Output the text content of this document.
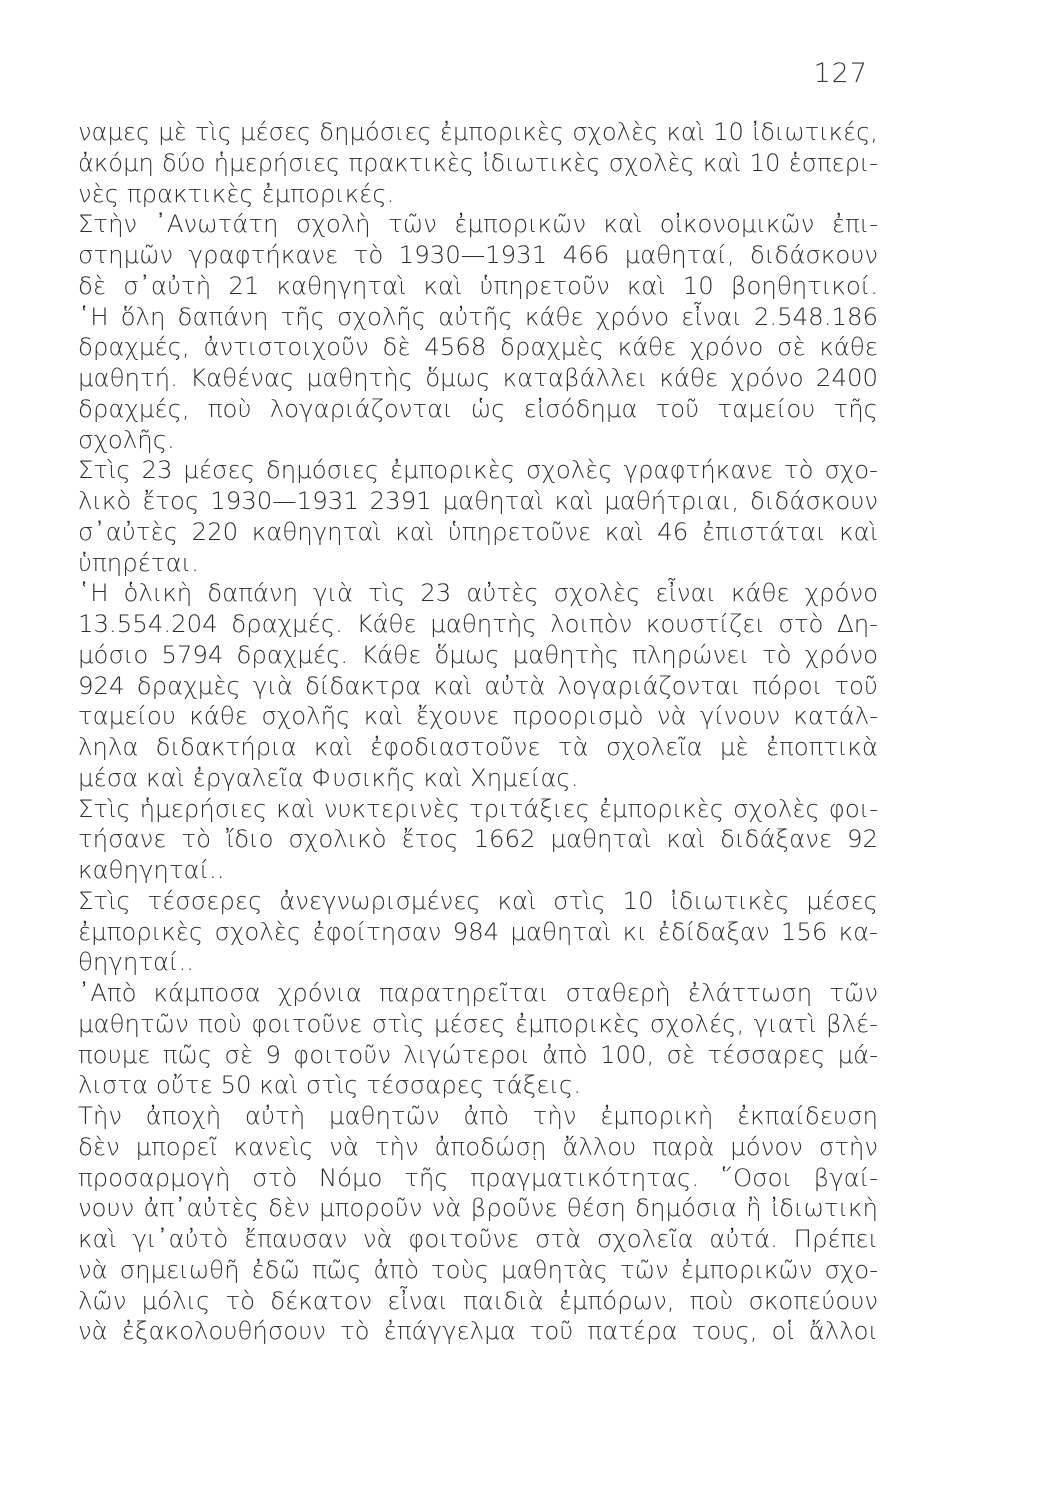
127
ναμες μὲ τὶς μέσες δημόσιες ἐμπορικὲς σχολὲς καὶ 10 ἰδιωτικές,
ἀκόμη δύο ἡμερήσιες πρακτικὲς ἰδιωτικὲς σχολὲς καὶ 10 ἑσπερι-
νὲς πρακτικὲς ἐμπορικές.
Στὴν ᾽Ανωτάτη σχολὴ τῶν ἐμπορικῶν καὶ οἰκονομικῶν ἐπι-
στημῶν γραφτήκανε τὸ 1930—1931 466 μαθηταί, διδάσκουν
δὲ σ᾽αὐτὴ 21 καθηγηταὶ καὶ ὑπηρετοῦν καὶ 10 βοηθητικοί.
῾Η ὅλη δαπάνη τῆς σχολῆς αὐτῆς κάθε χρόνο εἶναι 2.548.186
δραχμές, ἀντιστοιχοῦν δὲ 4568 δραχμὲς κάθε χρόνο σὲ κάθε
μαθητή. Καθένας μαθητὴς ὅμως καταβάλλει κάθε χρόνο 2400
δραχμές, ποὺ λογαριάζονται ὡς εἰσόδημα τοῦ ταμείου τῆς
σχολῆς.
Στὶς 23 μέσες δημόσιες ἐμπορικὲς σχολὲς γραφτήκανε τὸ σχο-
λικὸ ἔτος 1930—1931 2391 μαθηταὶ καὶ μαθήτριαι, διδάσκουν
σ᾽αὐτὲς 220 καθηγηταὶ καὶ ὑπηρετοῦνε καὶ 46 ἐπιστάται καὶ
ὑπηρέται.
῾Η ὁλικὴ δαπάνη γιὰ τὶς 23 αὐτὲς σχολὲς εἶναι κάθε χρόνο
13.554.204 δραχμές. Κάθε μαθητὴς λοιπὸν κουστίζει στὸ Δη-
μόσιο 5794 δραχμές. Κάθε ὅμως μαθητὴς πληρώνει τὸ χρόνο
924 δραχμὲς γιὰ δίδακτρα καὶ αὐτὰ λογαριάζονται πόροι τοῦ
ταμείου κάθε σχολῆς καὶ ἔχουνε προορισμὸ νὰ γίνουν κατάλ-
ληλα διδακτήρια καὶ ἐφοδιαστοῦνε τὰ σχολεῖα μὲ ἐποπτικὰ
μέσα καὶ ἐργαλεῖα Φυσικῆς καὶ Χημείας.
Στὶς ἡμερήσιες καὶ νυκτερινὲς τριτάξιες ἐμπορικὲς σχολὲς φοι-
τήσανε τὸ ἴδιο σχολικὸ ἔτος 1662 μαθηταὶ καὶ διδάξανε 92
καθηγηταί..
Στὶς τέσσερες ἀνεγνωρισμένες καὶ στὶς 10 ἰδιωτικὲς μέσες
ἐμπορικὲς σχολὲς ἐφοίτησαν 984 μαθηταὶ κι ἐδίδαξαν 156 κα-
θηγηταί..
᾽Απὸ κάμποσα χρόνια παρατηρεῖται σταθερὴ ἐλάττωση τῶν
μαθητῶν ποὺ φοιτοῦνε στὶς μέσες ἐμπορικὲς σχολές, γιατὶ βλέ-
πουμε πῶς σὲ 9 φοιτοῦν λιγώτεροι ἀπὸ 100, σὲ τέσσαρες μά-
λιστα οὔτε 50 καὶ στὶς τέσσαρες τάξεις.
Τὴν ἀποχὴ αὐτὴ μαθητῶν ἀπὸ τὴν ἐμπορικὴ ἐκπαίδευση
δὲν μπορεῖ κανεὶς νὰ τὴν ἀποδώσῃ ἄλλου παρὰ μόνον στὴν
προσαρμογὴ στὸ Νόμο τῆς πραγματικότητας. ῞Οσοι βγαί-
νουν ἀπ᾽αὐτὲς δὲν μποροῦν νὰ βροῦνε θέση δημόσια ἢ ἰδιωτικὴ
καὶ γι᾽αὐτὸ ἔπαυσαν νὰ φοιτοῦνε στὰ σχολεῖα αὐτά. Πρέπει
νὰ σημειωθῆ ἐδῶ πῶς ἀπὸ τοὺς μαθητὰς τῶν ἐμπορικῶν σχο-
λῶν μόλις τὸ δέκατον εἶναι παιδιὰ ἐμπόρων, ποὺ σκοπεύουν
νὰ ἐξακολουθήσουν τὸ ἐπάγγελμα τοῦ πατέρα τους, οἱ ἄλλοι
